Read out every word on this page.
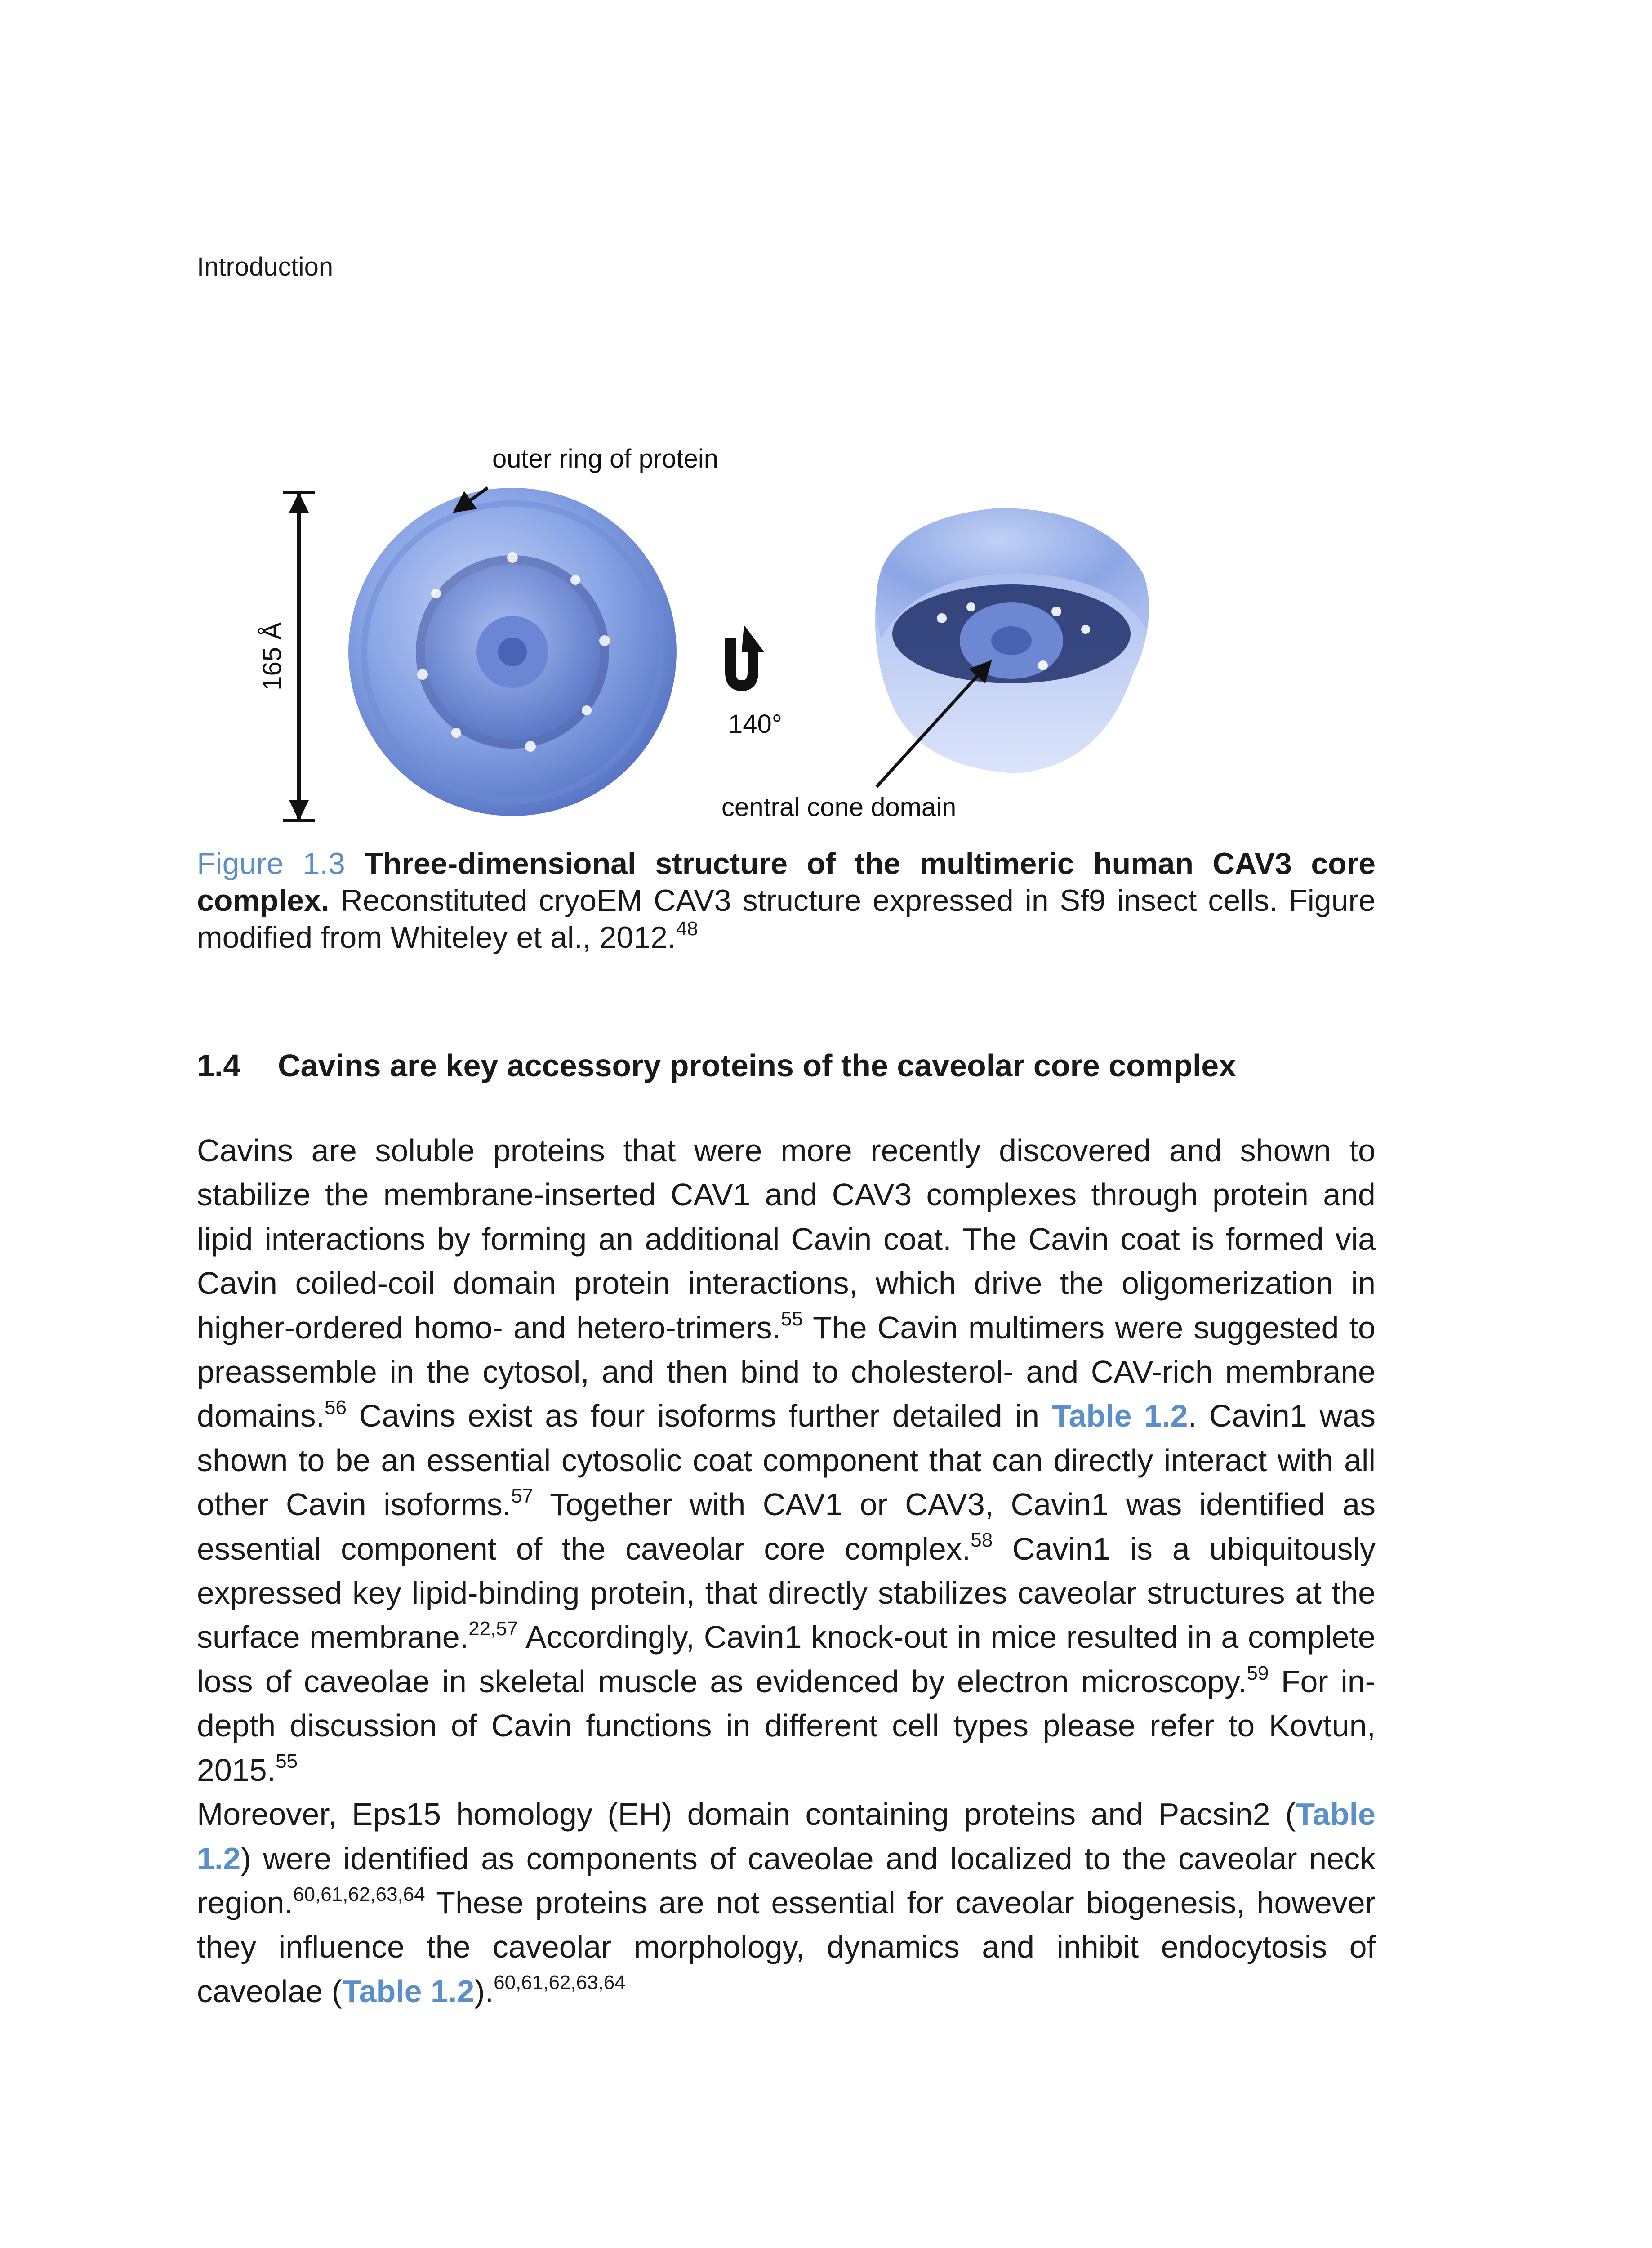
Introduction
165 Å
outer ring of protein
140°
central cone domain
Figure 1.3 Three-dimensional structure of the multimeric human CAV3 core complex. Reconstituted cryoEM CAV3 structure expressed in Sf9 insect cells. Figure modified from Whiteley et al., 2012.48
1.4 Cavins are key accessory proteins of the caveolar core complex

Cavins are soluble proteins that were more recently discovered and shown to stabilize the membrane-inserted CAV1 and CAV3 complexes through protein and lipid interactions by forming an additional Cavin coat. The Cavin coat is formed via Cavin coiled-coil domain protein interactions, which drive the oligomerization in higher-ordered homo- and hetero-trimers.$^{55}$ The Cavin multimers were suggested to preassemble in the cytosol, and then bind to cholesterol- and CAV-rich membrane domains.$^{56}$ Cavins exist as four isoforms further detailed in Table 1.2. Cavin1 was shown to be an essential cytosolic coat component that can directly interact with all other Cavin isoforms.$^{57}$ Together with CAV1 or CAV3, Cavin1 was identified as essential component of the caveolar core complex.$^{58}$ Cavin1 is a ubiquitously expressed key lipid-binding protein, that directly stabilizes caveolar structures at the surface membrane.$^{22,57}$ Accordingly, Cavin1 knock-out in mice resulted in a complete loss of caveolae in skeletal muscle as evidenced by electron microscopy.$^{59}$ For in-depth discussion of Cavin functions in different cell types please refer to Kovtun, 2015.55

Moreover, Eps15 homology (EH) domain containing proteins and Pacsin2 (Table 1.2) were identified as components of caveolae and localized to the caveolar neck region.$^{60,61,62,63,64}$ These proteins are not essential for caveolar biogenesis, however they influence the caveolar morphology, dynamics and inhibit endocytosis of caveolae (Table 1.2).$^{60,61,62,63,64}$
